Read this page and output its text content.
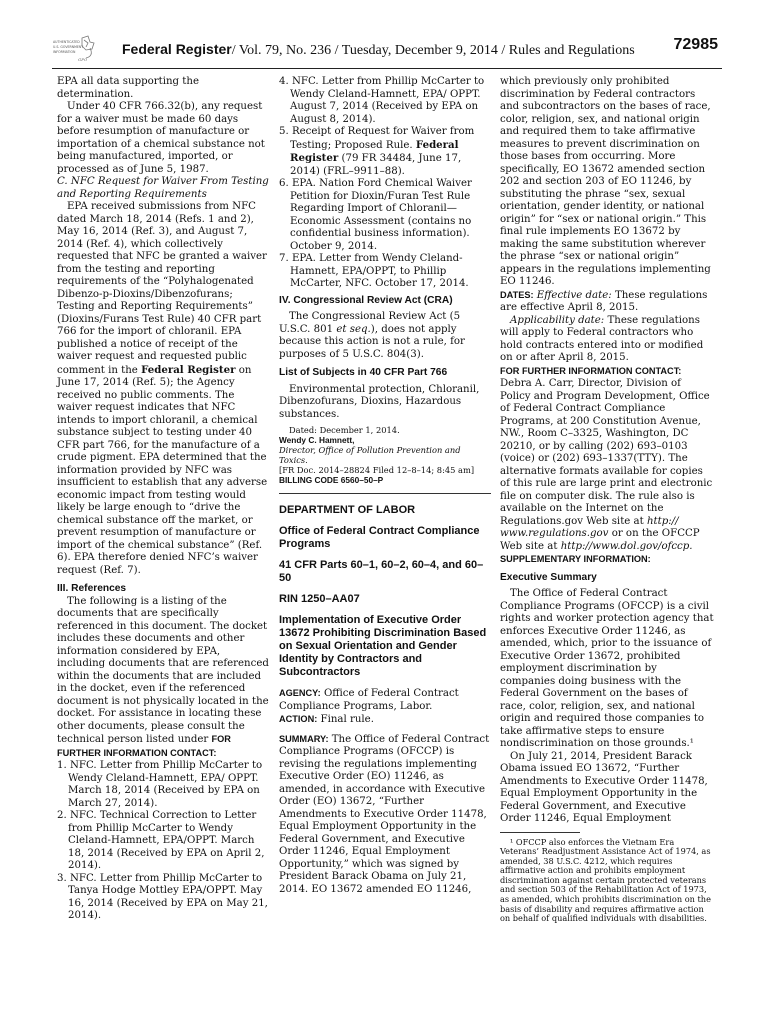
AUTHENTICATED
U.S. GOVERNMENT
INFORMATION
GPO
Federal Register/ Vol. 79, No. 236 / Tuesday, December 9, 2014 / Rules and Regulations 72985

EPA all data supporting the determination.

Under 40 CFR 766.32(b), any request for a waiver must be made 60 days before resumption of manufacture or importation of a chemical substance not being manufactured, imported, or processed as of June 5, 1987.

C. NFC Request for Waiver From Testing and Reporting Requirements

EPA received submissions from NFC dated March 18, 2014 (Refs. 1 and 2), May 16, 2014 (Ref. 3), and August 7, 2014 (Ref. 4), which collectively requested that NFC be granted a waiver from the testing and reporting requirements of the “Polyhalogenated Dibenzo-p-Dioxins/Dibenzofurans; Testing and Reporting Requirements” (Dioxins/Furans Test Rule) 40 CFR part 766 for the import of chloranil. EPA published a notice of receipt of the waiver request and requested public comment in the Federal Register on June 17, 2014 (Ref. 5); the Agency received no public comments. The waiver request indicates that NFC intends to import chloranil, a chemical substance subject to testing under 40 CFR part 766, for the manufacture of a crude pigment. EPA determined that the information provided by NFC was insufficient to establish that any adverse economic impact from testing would likely be large enough to “drive the chemical substance off the market, or prevent resumption of manufacture or import of the chemical substance” (Ref. 6). EPA therefore denied NFC’s waiver request (Ref. 7).

III. References

The following is a listing of the documents that are specifically referenced in this document. The docket includes these documents and other information considered by EPA, including documents that are referenced within the documents that are included in the docket, even if the referenced document is not physically located in the docket. For assistance in locating these other documents, please consult the technical person listed under FOR FURTHER INFORMATION CONTACT:

1. NFC. Letter from Phillip McCarter to Wendy Cleland-Hamnett, EPA/ OPPT. March 18, 2014 (Received by EPA on March 27, 2014).

2. NFC. Technical Correction to Letter from Phillip McCarter to Wendy Cleland-Hamnett, EPA/OPPT. March 18, 2014 (Received by EPA on April 2, 2014).

3. NFC. Letter from Phillip McCarter to Tanya Hodge Mottley EPA/OPPT. May 16, 2014 (Received by EPA on May 21, 2014).

4. NFC. Letter from Phillip McCarter to Wendy Cleland-Hamnett, EPA/ OPPT. August 7, 2014 (Received by EPA on August 8, 2014).

5. Receipt of Request for Waiver from Testing; Proposed Rule. Federal Register (79 FR 34484, June 17, 2014) (FRL–9911–88).

6. EPA. Nation Ford Chemical Waiver Petition for Dioxin/Furan Test Rule Regarding Import of Chloranil— Economic Assessment (contains no confidential business information). October 9, 2014.

7. EPA. Letter from Wendy Cleland- Hamnett, EPA/OPPT, to Phillip McCarter, NFC. October 17, 2014.

IV. Congressional Review Act (CRA)

The Congressional Review Act (5 U.S.C. 801 et seq.), does not apply because this action is not a rule, for purposes of 5 U.S.C. 804(3).

List of Subjects in 40 CFR Part 766

Environmental protection, Chloranil, Dibenzofurans, Dioxins, Hazardous substances.

Dated: December 1, 2014.

Wendy C. Hamnett,

Director, Office of Pollution Prevention and Toxics.

[FR Doc. 2014–28824 Filed 12–8–14; 8:45 am]

BILLING CODE 6560–50–P

DEPARTMENT OF LABOR

Office of Federal Contract Compliance Programs

41 CFR Parts 60–1, 60–2, 60–4, and 60– 50

RIN 1250–AA07

Implementation of Executive Order 13672 Prohibiting Discrimination Based on Sexual Orientation and Gender Identity by Contractors and Subcontractors

AGENCY: Office of Federal Contract Compliance Programs, Labor.

ACTION: Final rule.

SUMMARY: The Office of Federal Contract Compliance Programs (OFCCP) is revising the regulations implementing Executive Order (EO) 11246, as amended, in accordance with Executive Order (EO) 13672, “Further Amendments to Executive Order 11478, Equal Employment Opportunity in the Federal Government, and Executive Order 11246, Equal Employment Opportunity,” which was signed by President Barack Obama on July 21, 2014. EO 13672 amended EO 11246,

which previously only prohibited discrimination by Federal contractors and subcontractors on the bases of race, color, religion, sex, and national origin and required them to take affirmative measures to prevent discrimination on those bases from occurring. More specifically, EO 13672 amended section 202 and section 203 of EO 11246, by substituting the phrase “sex, sexual orientation, gender identity, or national origin” for “sex or national origin.” This final rule implements EO 13672 by making the same substitution wherever the phrase “sex or national origin” appears in the regulations implementing EO 11246.

DATES: Effective date: These regulations are effective April 8, 2015.

Applicability date: These regulations will apply to Federal contractors who hold contracts entered into or modified on or after April 8, 2015.

FOR FURTHER INFORMATION CONTACT: Debra A. Carr, Director, Division of Policy and Program Development, Office of Federal Contract Compliance Programs, at 200 Constitution Avenue, NW., Room C–3325, Washington, DC 20210, or by calling (202) 693–0103 (voice) or (202) 693–1337(TTY). The alternative formats available for copies of this rule are large print and electronic file on computer disk. The rule also is available on the Internet on the Regulations.gov Web site at http:// www.regulations.gov or on the OFCCP Web site at http://www.dol.gov/ofccp.

SUPPLEMENTARY INFORMATION:

Executive Summary

The Office of Federal Contract Compliance Programs (OFCCP) is a civil rights and worker protection agency that enforces Executive Order 11246, as amended, which, prior to the issuance of Executive Order 13672, prohibited employment discrimination by companies doing business with the Federal Government on the bases of race, color, religion, sex, and national origin and required those companies to take affirmative steps to ensure nondiscrimination on those grounds.¹

On July 21, 2014, President Barack Obama issued EO 13672, “Further Amendments to Executive Order 11478, Equal Employment Opportunity in the Federal Government, and Executive Order 11246, Equal Employment

¹ OFCCP also enforces the Vietnam Era Veterans’ Readjustment Assistance Act of 1974, as amended, 38 U.S.C. 4212, which requires affirmative action and prohibits employment discrimination against certain protected veterans and section 503 of the Rehabilitation Act of 1973, as amended, which prohibits discrimination on the basis of disability and requires affirmative action on behalf of qualified individuals with disabilities.
